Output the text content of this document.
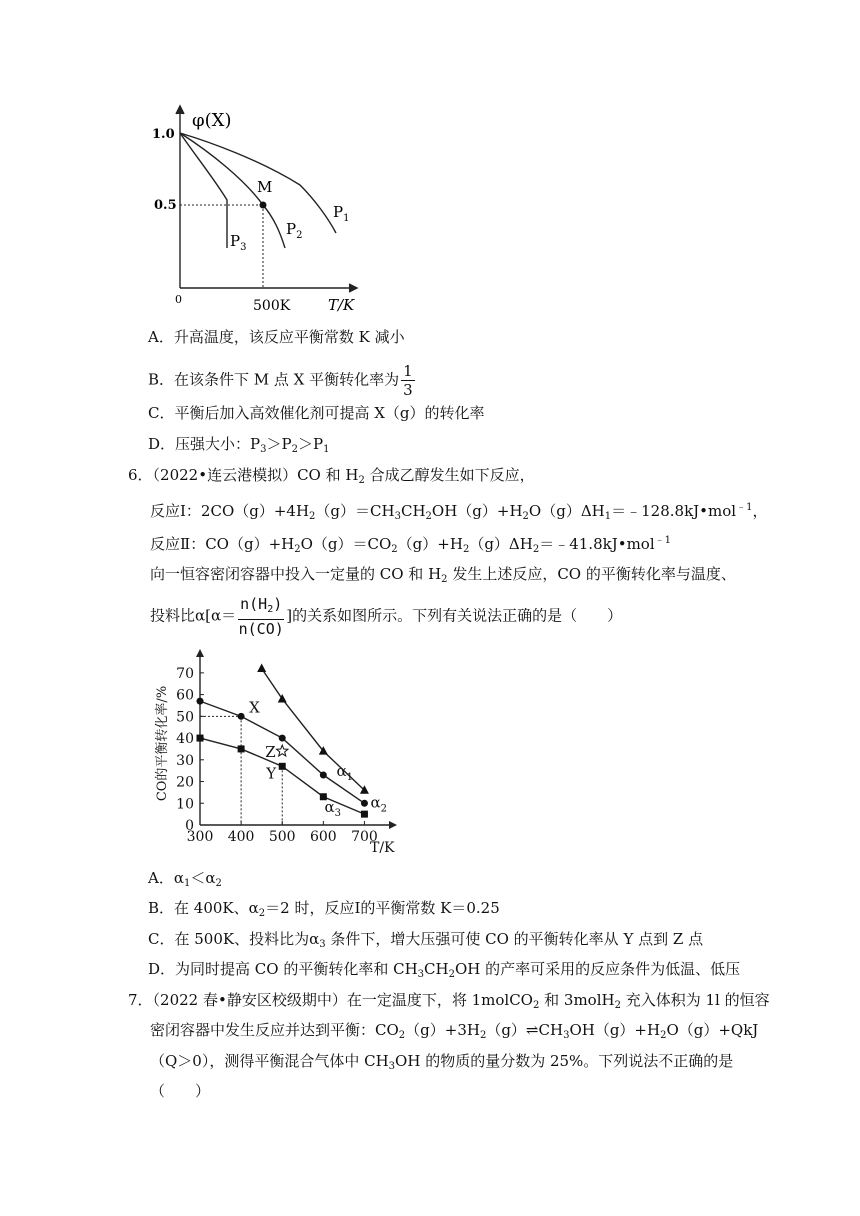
φ(X)
1.0
0.5
0	500K	T/K
M
$P_1$
$P_2$
$P_3$
A．升高温度，该反应平衡常数 K 减小
B．在该条件下 M 点 X 平衡转化率为 $\frac{1}{3}$
C．平衡后加入高效催化剂可提高 X（g）的转化率
D．压强大小：$P_3>P_2>P_1$
6．（2022•连云港模拟）CO 和 $H_2$ 合成乙醇发生如下反应，
反应Ⅰ：$2CO(g)+4H_2(g)=CH_3CH_2OH(g)+H_2O(g)\Delta H_1=﹣128.8kJ•mol^{﹣1}$，
反应Ⅱ：$CO(g)+H_2O(g)=CO_2(g)+H_2(g)\Delta H_2=﹣41.8kJ•mol^{﹣1}$
向一恒容密闭容器中投入一定量的 CO 和 $H_2$ 发生上述反应，CO 的平衡转化率与温度、
投料比$\alpha[\alpha= \frac{n(H_2)}{n(CO)}$ ]的关系如图所示。下列有关说法正确的是（　　）
0
10
20
30
40
50
60
70
300 400 500 600 700
T/K
CO的平衡转化率/%	$\alpha_1$
$\alpha_2$
$\alpha_3$
X
Y
Z
A．$\alpha_1<\alpha_2$
B．在 400K、$\alpha_2=2$ 时，反应Ⅰ的平衡常数 K＝0.25
C．在 500K、投料比为$\alpha_3$ 条件下，增大压强可使 CO 的平衡转化率从 Y 点到 Z 点
D．为同时提高 CO 的平衡转化率和 $CH_3CH_2OH$ 的产率可采用的反应条件为低温、低压
7．（2022 春•静安区校级期中）在一定温度下，将 1molCO$_2$ 和 3molH$_2$ 充入体积为 1l 的恒容
密闭容器中发生反应并达到平衡：$CO_2(g)+3H_2(g)\rightleftharpoons CH_3OH(g)+H_2O(g)+QkJ$
（Q＞0），测得平衡混合气体中 $CH_3OH$ 的物质的量分数为 25%。下列说法不正确的是
（　　）
